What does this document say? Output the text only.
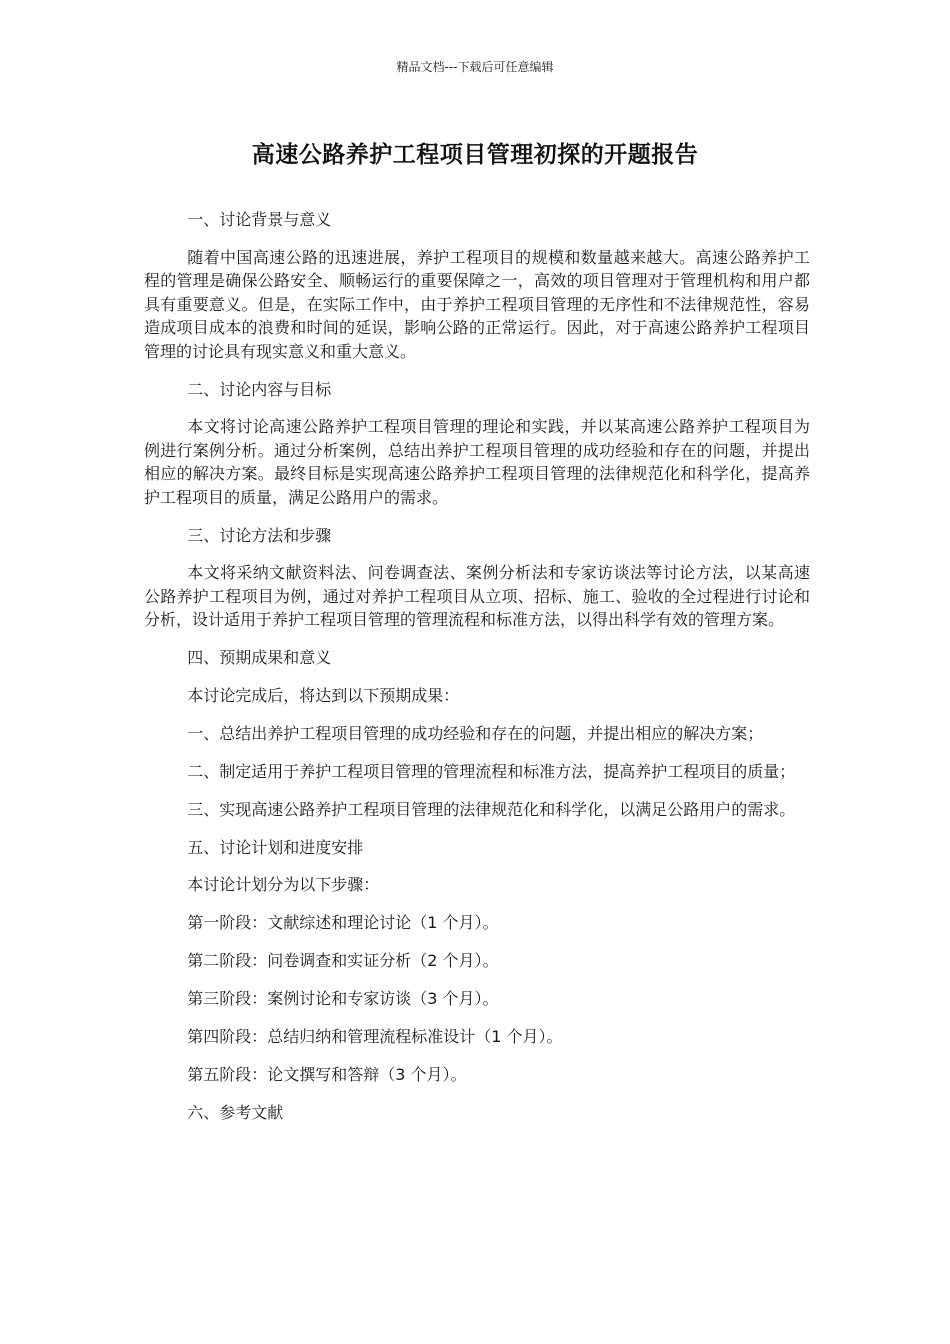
精品文档---下载后可任意编辑
高速公路养护工程项目管理初探的开题报告

一、讨论背景与意义

随着中国高速公路的迅速进展，养护工程项目的规模和数量越来越大。高速公路养护工程的管理是确保公路安全、顺畅运行的重要保障之一，高效的项目管理对于管理机构和用户都具有重要意义。但是，在实际工作中，由于养护工程项目管理的无序性和不法律规范性，容易造成项目成本的浪费和时间的延误，影响公路的正常运行。因此，对于高速公路养护工程项目管理的讨论具有现实意义和重大意义。

二、讨论内容与目标

本文将讨论高速公路养护工程项目管理的理论和实践，并以某高速公路养护工程项目为例进行案例分析。通过分析案例，总结出养护工程项目管理的成功经验和存在的问题，并提出相应的解决方案。最终目标是实现高速公路养护工程项目管理的法律规范化和科学化，提高养护工程项目的质量，满足公路用户的需求。

三、讨论方法和步骤

本文将采纳文献资料法、问卷调查法、案例分析法和专家访谈法等讨论方法，以某高速公路养护工程项目为例，通过对养护工程项目从立项、招标、施工、验收的全过程进行讨论和分析，设计适用于养护工程项目管理的管理流程和标准方法，以得出科学有效的管理方案。

四、预期成果和意义

本讨论完成后，将达到以下预期成果：

一、总结出养护工程项目管理的成功经验和存在的问题，并提出相应的解决方案；

二、制定适用于养护工程项目管理的管理流程和标准方法，提高养护工程项目的质量；

三、实现高速公路养护工程项目管理的法律规范化和科学化，以满足公路用户的需求。

五、讨论计划和进度安排

本讨论计划分为以下步骤：

第一阶段：文献综述和理论讨论（1 个月）。

第二阶段：问卷调查和实证分析（2 个月）。

第三阶段：案例讨论和专家访谈（3 个月）。

第四阶段：总结归纳和管理流程标准设计（1 个月）。

第五阶段：论文撰写和答辩（3 个月）。

六、参考文献
